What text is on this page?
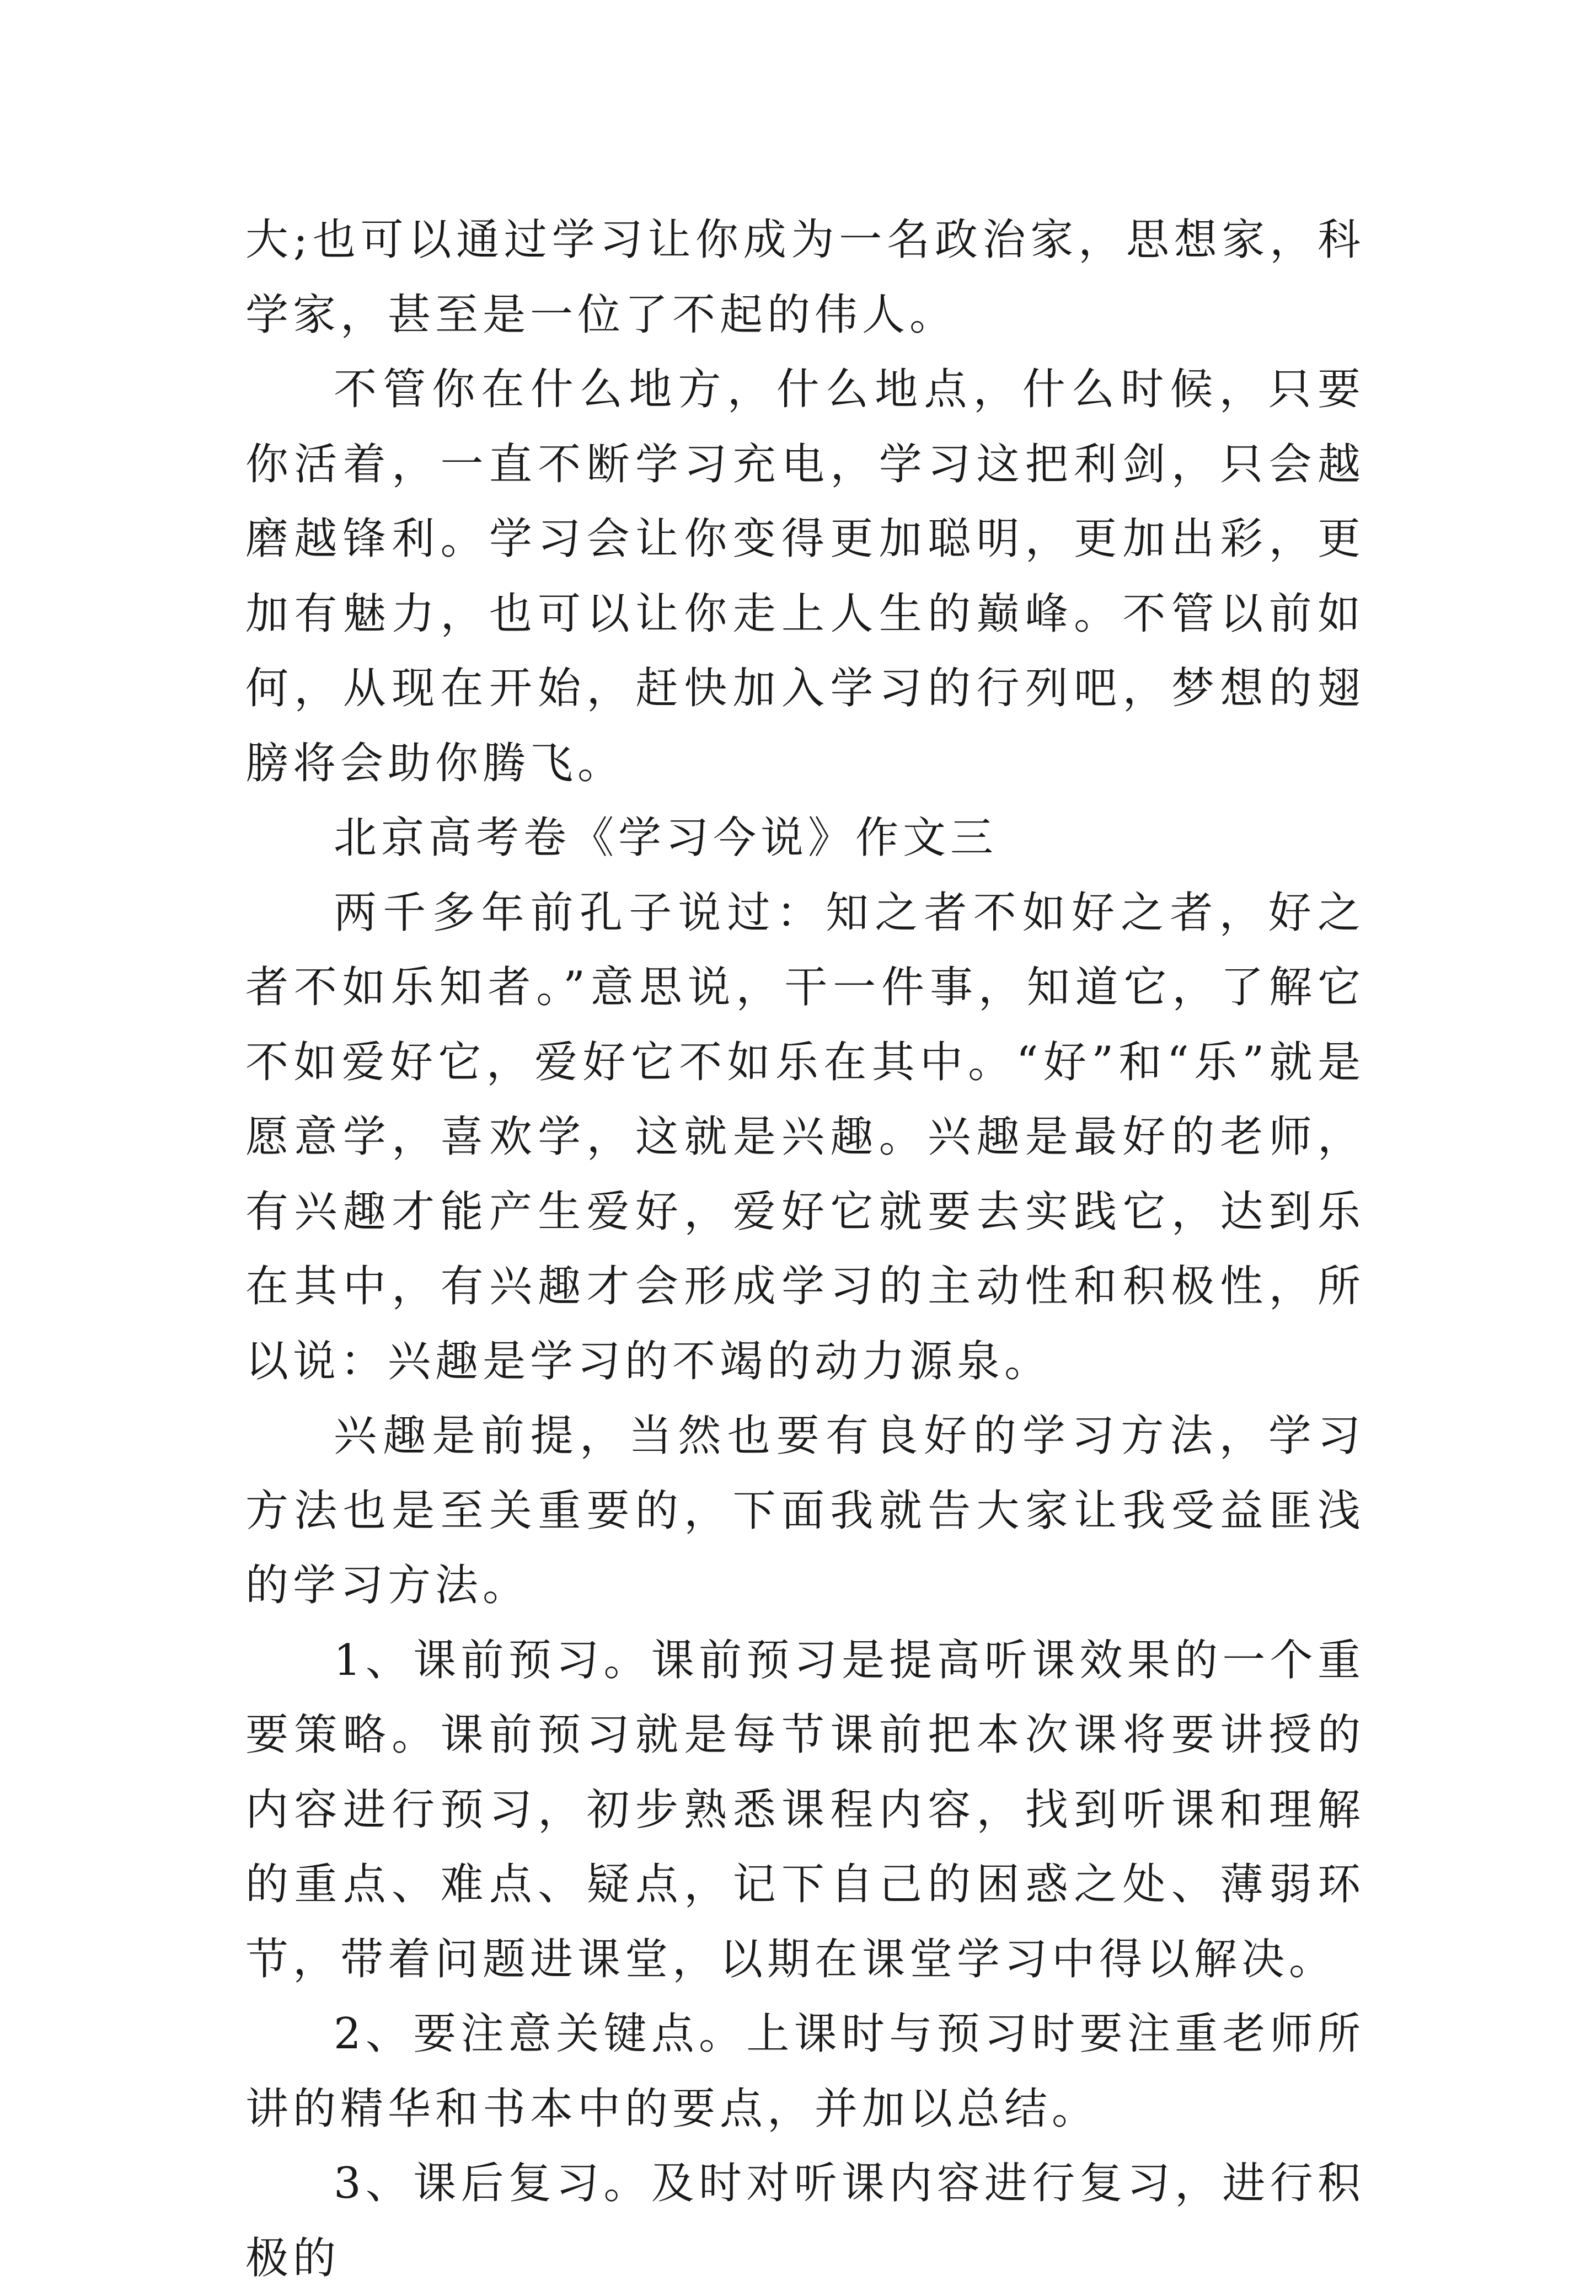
大;也可以通过学习让你成为一名政治家，思想家，科学家，甚至是一位了不起的伟人。

不管你在什么地方，什么地点，什么时候，只要你活着，一直不断学习充电，学习这把利剑，只会越磨越锋利。学习会让你变得更加聪明，更加出彩，更加有魅力，也可以让你走上人生的巅峰。不管以前如何，从现在开始，赶快加入学习的行列吧，梦想的翅膀将会助你腾飞。

北京高考卷《学习今说》作文三

两千多年前孔子说过：知之者不如好之者，好之者不如乐知者。”意思说，干一件事，知道它，了解它不如爱好它，爱好它不如乐在其中。“好”和“乐”就是愿意学，喜欢学，这就是兴趣。兴趣是最好的老师，有兴趣才能产生爱好，爱好它就要去实践它，达到乐在其中，有兴趣才会形成学习的主动性和积极性，所以说：兴趣是学习的不竭的动力源泉。

兴趣是前提，当然也要有良好的学习方法，学习方法也是至关重要的，下面我就告大家让我受益匪浅的学习方法。

1、课前预习。课前预习是提高听课效果的一个重要策略。课前预习就是每节课前把本次课将要讲授的内容进行预习，初步熟悉课程内容，找到听课和理解的重点、难点、疑点，记下自己的困惑之处、薄弱环节，带着问题进课堂，以期在课堂学习中得以解决。

2、要注意关键点。上课时与预习时要注重老师所讲的精华和书本中的要点，并加以总结。

3、课后复习。及时对听课内容进行复习，进行积极的
